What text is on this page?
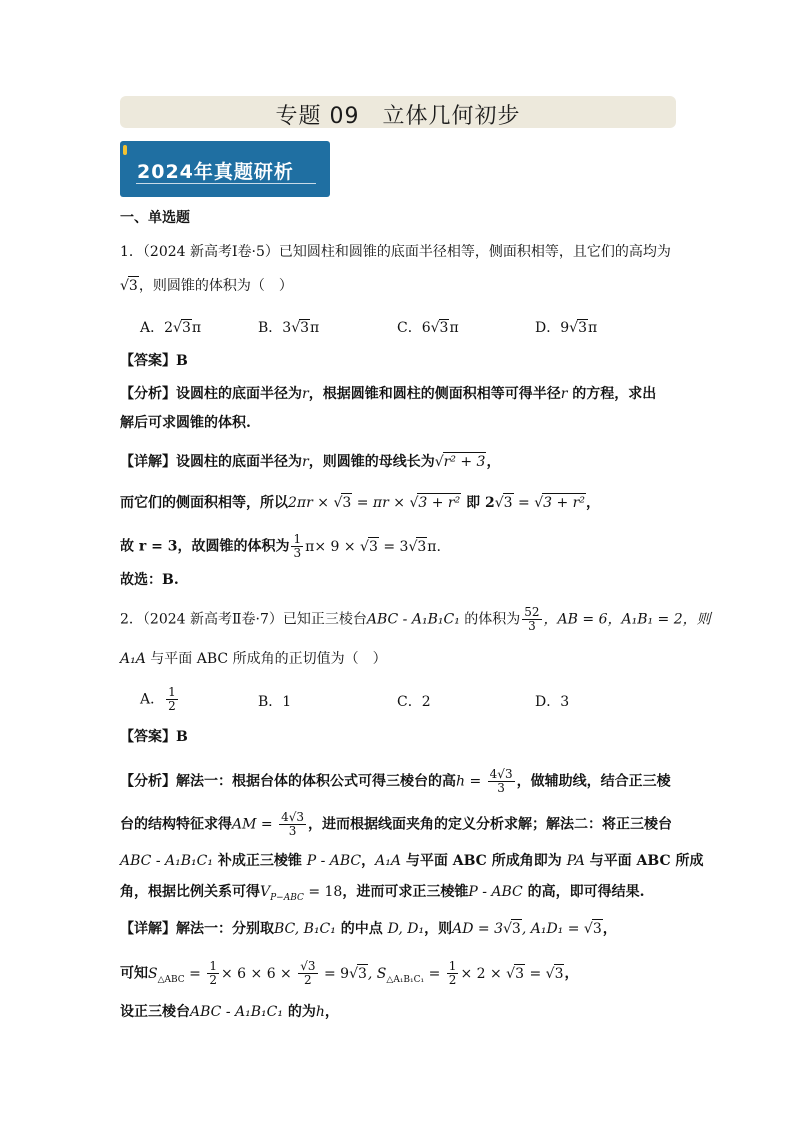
专题 09　立体几何初步
2024年真题研析
一、单选题
1．（2024 新高考Ⅰ卷·5）已知圆柱和圆锥的底面半径相等，侧面积相等，且它们的高均为
√3，则圆锥的体积为（　）
A．2√3π	B．3√3π	C．6√3π	D．9√3π
【答案】B
【分析】设圆柱的底面半径为r，根据圆锥和圆柱的侧面积相等可得半径r 的方程，求出
解后可求圆锥的体积.
【详解】设圆柱的底面半径为r，则圆锥的母线长为√r² + 3，
而它们的侧面积相等，所以2πr × √3 = πr × √3 + r² 即 2√3 = √3 + r²，
故 r = 3，故圆锥的体积为 $\frac{1}{3} \pi\times 9 \times √3 = 3√3\pi$.
故选：B.
2．（2024 新高考Ⅱ卷·7）已知正三棱台ABC - A₁B₁C₁ 的体积为 $\frac{52}{3}$ ，AB = 6，A₁B₁ = 2，则
A₁A 与平面 ABC 所成角的正切值为（　）
A． $\frac{1}{2}$	B．1	C．2	D．3
【答案】B
【分析】解法一：根据台体的体积公式可得三棱台的高$h = \frac{4√3}{3}$ ，做辅助线，结合正三棱
台的结构特征求得AM = $\frac{4√3}{3}$ ，进而根据线面夹角的定义分析求解；解法二：将正三棱台
ABC - A₁B₁C₁ 补成正三棱锥 P - ABC，A₁A 与平面 ABC 所成角即为 PA 与平面 ABC 所成
角，根据比例关系可得$V_{P-ABC} = 18$，进而可求正三棱锥P - ABC 的高，即可得结果.
【详解】解法一：分别取BC, B₁C₁ 的中点 D, D₁，则AD = 3√3, A₁D₁ = √3，
可知$S_{\triangle ABC} = \frac{1}{2} \times 6 \times 6 \times \frac{√3}{2} = 9√3$, $S_{\triangle A_1B_1C_1} = \frac{1}{2} \times 2 \times √3 = √3$，
设正三棱台ABC - A₁B₁C₁ 的为h，
